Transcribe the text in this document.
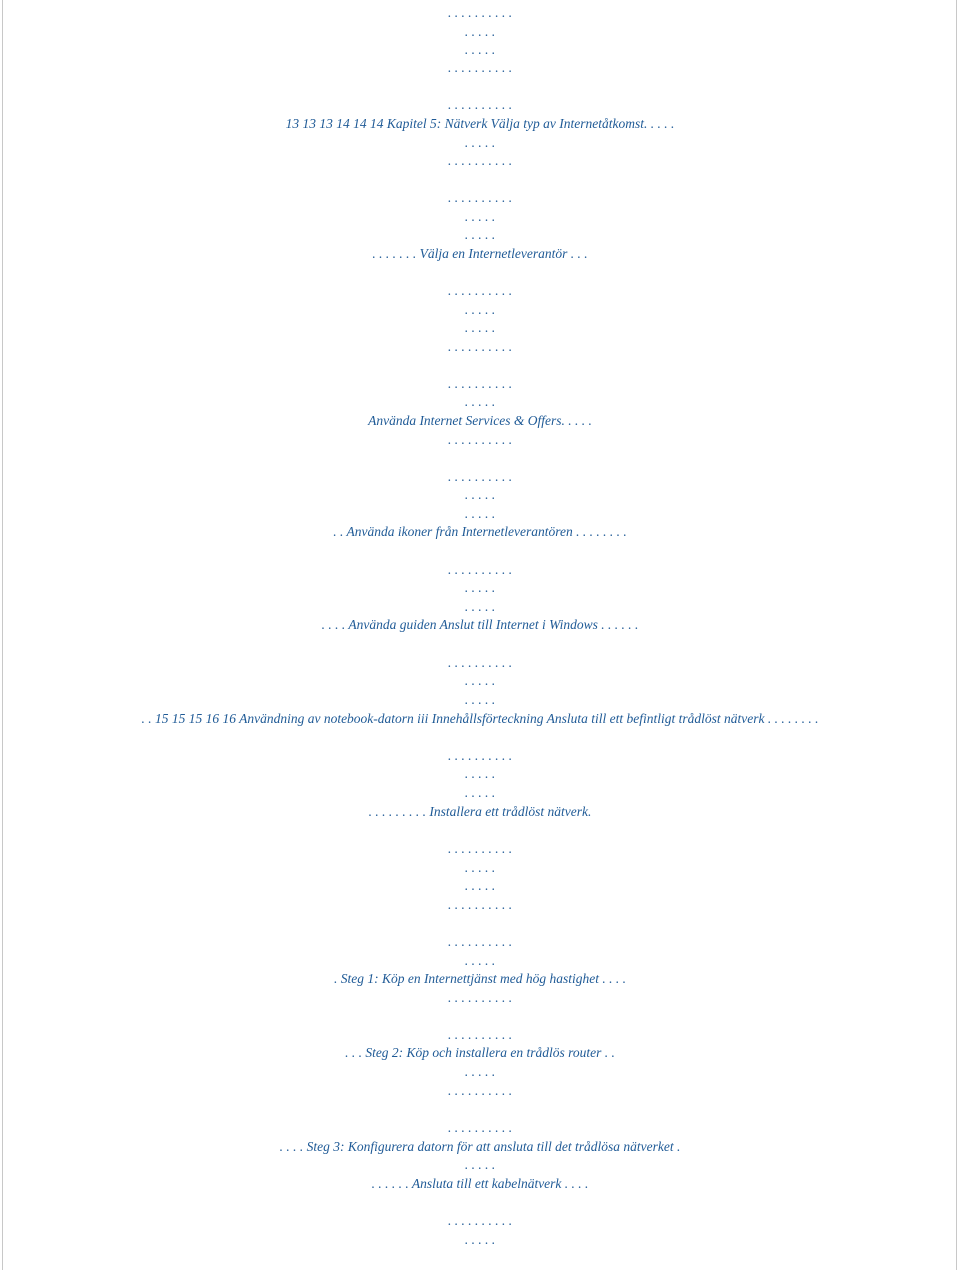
. . . . . . . . . .
. . . . .
. . . . .
. . . . . . . . . .
. . . . . . . . . .
13 13 13 14 14 14 Kapitel 5: Nätverk Välja typ av Internetåtkomst. . . . .
. . . . .
. . . . . . . . . .
. . . . . . . . . .
. . . . .
. . . . .
. . . . . . . Välja en Internetleverantör . . .
. . . . . . . . . .
. . . . .
. . . . .
. . . . . . . . . .
. . . . . . . . . .
. . . . .
Använda Internet Services & Offers. . . . .
. . . . . . . . . .
. . . . . . . . . .
. . . . .
. . . . .
. . Använda ikoner från Internetleverantören . . . . . . . .
. . . . . . . . . .
. . . . .
. . . . .
. . . . Använda guiden Anslut till Internet i Windows . . . . . .
. . . . . . . . . .
. . . . .
. . . . .
. . 15 15 15 16 16 Användning av notebook-datorn iii Innehållsförteckning Ansluta till ett befintligt trådlöst nätverk . . . . . . . .
. . . . . . . . . .
. . . . .
. . . . .
. . . . . . . . . Installera ett trådlöst nätverk.
. . . . . . . . . .
. . . . .
. . . . .
. . . . . . . . . .
. . . . . . . . . .
. . . . .
. Steg 1: Köp en Internettjänst med hög hastighet . . . .
. . . . . . . . . .
. . . . . . . . . .
. . . Steg 2: Köp och installera en trådlös router . .
. . . . .
. . . . . . . . . .
. . . . . . . . . .
. . . . Steg 3: Konfigurera datorn för att ansluta till det trådlösa nätverket .
. . . . .
. . . . . . Ansluta till ett kabelnätverk . . . .
. . . . . . . . . .
. . . . .
